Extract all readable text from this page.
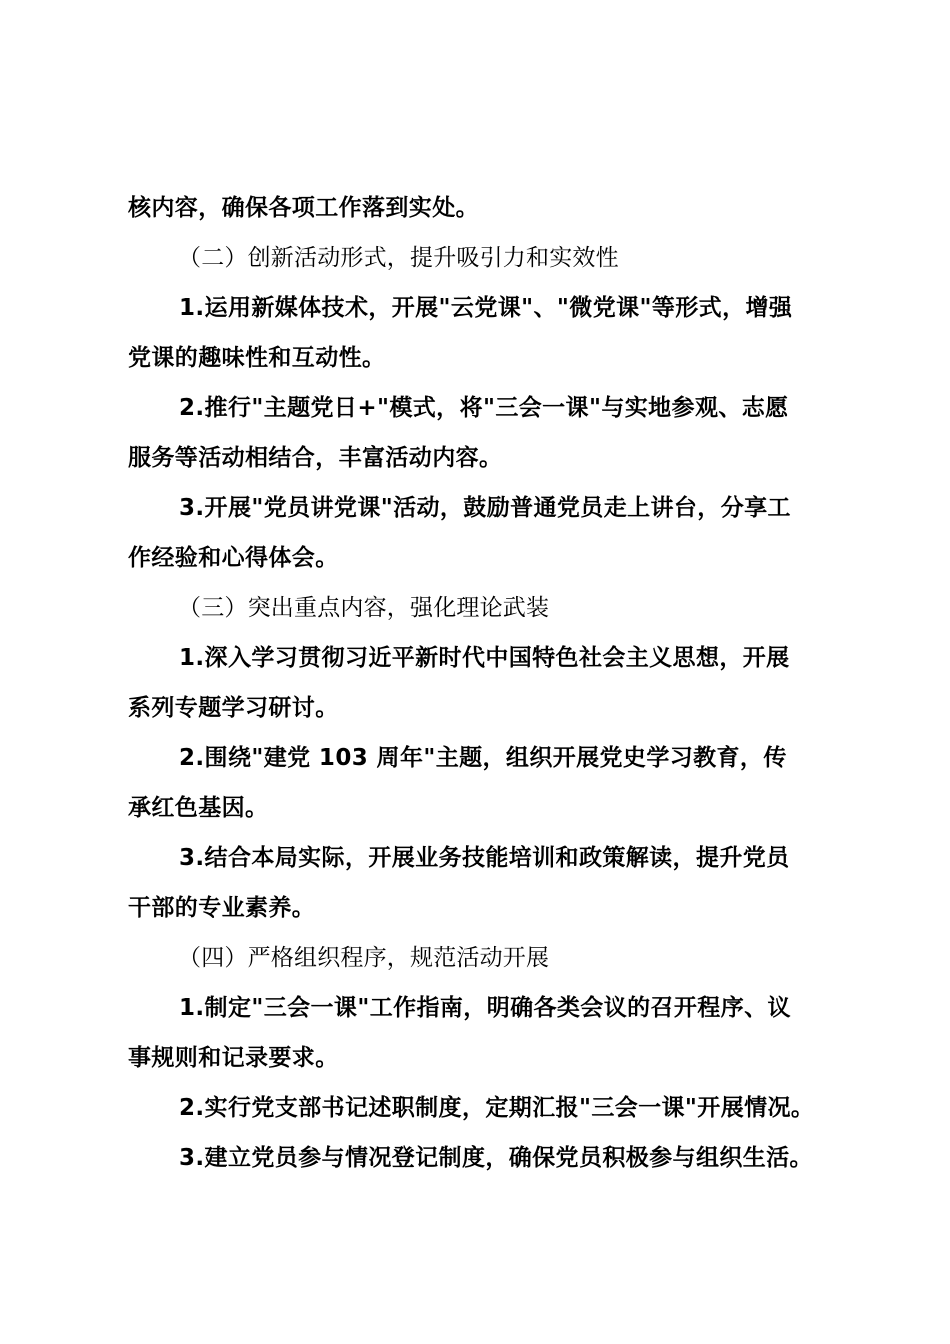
核内容，确保各项工作落到实处。
（二）创新活动形式，提升吸引力和实效性
1.运用新媒体技术，开展"云党课"、"微党课"等形式，增强
党课的趣味性和互动性。
2.推行"主题党日+"模式，将"三会一课"与实地参观、志愿
服务等活动相结合，丰富活动内容。
3.开展"党员讲党课"活动，鼓励普通党员走上讲台，分享工
作经验和心得体会。
（三）突出重点内容，强化理论武装
1.深入学习贯彻习近平新时代中国特色社会主义思想，开展
系列专题学习研讨。
2.围绕"建党 103 周年"主题，组织开展党史学习教育，传
承红色基因。
3.结合本局实际，开展业务技能培训和政策解读，提升党员
干部的专业素养。
（四）严格组织程序，规范活动开展
1.制定"三会一课"工作指南，明确各类会议的召开程序、议
事规则和记录要求。
2.实行党支部书记述职制度，定期汇报"三会一课"开展情况。
3.建立党员参与情况登记制度，确保党员积极参与组织生活。
